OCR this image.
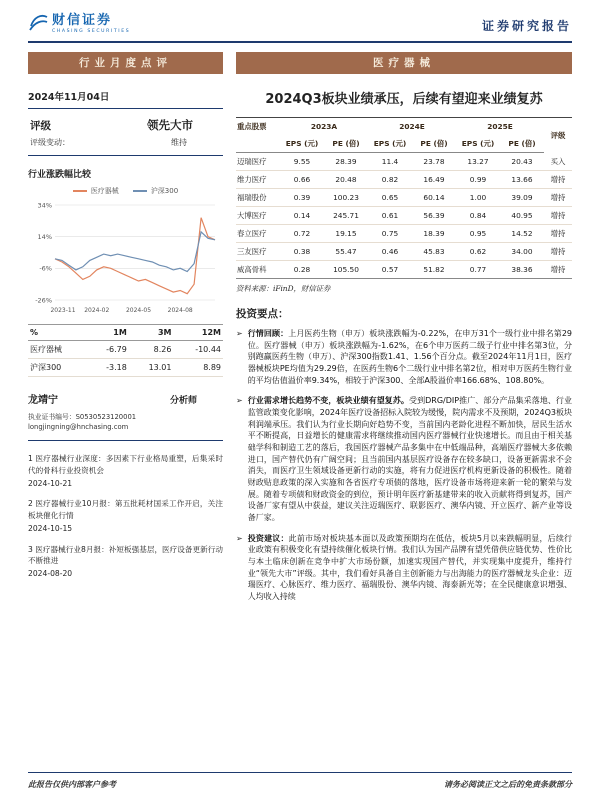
财信证券
CHASING SECURITIES	证券研究报告
行业月度点评	医疗器械
2024年11月04日
评级	领先大市
评级变动：	维持
行业涨跌幅比较
医疗器械	沪深300
34%
14%
-6%
-26%
2023-11 2024-02	2024-05	2024-08
%	1M	3M	12M
医疗器械	-6.79	8.26	-10.44
沪深300	-3.18	13.01	8.89
龙靖宁	分析师
执业证书编号：S0530523120001
longjingning@hnchasing.com
1 医疗器械行业深度：多因素下行业格局重塑，后集采时代的骨科行业投资机会
2024-10-21
2 医疗器械行业10月报：第五批耗材国采工作开启，关注板块催化行情
2024-10-15
3 医疗器械行业8月报：补短板强基层，医疗设备更新行动不断推进
2024-08-20
2024Q3板块业绩承压，后续有望迎来业绩复苏
重点股票	2023A		2024E		2025E		评级
	EPS (元)	PE (倍)	EPS (元)	PE (倍)	EPS (元)	PE (倍)	
迈瑞医疗	9.55	28.39	11.4	23.78	13.27	20.43	买入
维力医疗	0.66	20.48	0.82	16.49	0.99	13.66	增持
福瑞股份	0.39	100.23	0.65	60.14	1.00	39.09	增持
大博医疗	0.14	245.71	0.61	56.39	0.84	40.95	增持
春立医疗	0.72	19.15	0.75	18.39	0.95	14.52	增持
三友医疗	0.38	55.47	0.46	45.83	0.62	34.00	增持
威高骨科	0.28	105.50	0.57	51.82	0.77	38.36	增持
资料来源：iFinD，财信证券
投资要点：
➢ 行情回顾：上月医药生物（申万）板块涨跌幅为-0.22%，在申万31个一级行业中排名第29位。医疗器械（申万）板块涨跌幅为-1.62%，在6个申万医药二级子行业中排名第3位，分别跑赢医药生物（申万）、沪深300指数1.41、1.56个百分点。截至2024年11月1日，医疗器械板块PE均值为29.29倍，在医药生物6个二级行业中排名第2位，相对申万医药生物行业的平均估值溢价率9.34%，相较于沪深300、全部A股溢价率166.68%、108.80%。
➢ 行业需求增长趋势不变，板块业绩有望复苏。受到DRG/DIP推广、部分产品集采落地、行业监管政策变化影响，2024年医疗设备招标入院较为缓慢，院内需求不及预期，2024Q3板块利润端承压。我们认为行业长期向好趋势不变，当前国内老龄化进程不断加快，居民生活水平不断提高，日益增长的健康需求将继续推动国内医疗器械行业快速增长。而且由于相关基础学科和制造工艺的落后，我国医疗器械产品多集中在中低端品种，高端医疗器械大多依赖进口，国产替代仍有广阔空间；且当前国内基层医疗设备存在较多缺口，设备更新需求不会消失，而医疗卫生领域设备更新行动的实施，将有力促进医疗机构更新设备的积极性。随着财政贴息政策的深入实施和各省医疗专项债的落地，医疗设备市场将迎来新一轮的繁荣与发展。随着专项债和财政资金的到位，预计明年医疗新基建带来的收入贡献将得到复苏，国产设备厂家有望从中获益，建议关注迈瑞医疗、联影医疗、澳华内镜、开立医疗、新产业等设备厂家。
➢ 投资建议：此前市场对板块基本面以及政策预期均在低估，板块5月以来跌幅明显，后续行业政策有积极变化有望持续催化板块行情。我们认为国产品牌有望凭借供应链优势、性价比与本土临床创新在竞争中扩大市场份额，加速实现国产替代，并实现集中度提升，维持行业“领先大市”评级。其中，我们看好具备自主创新能力与出海能力的医疗器械龙头企业：迈瑞医疗、心脉医疗、维力医疗、福瑞股份、澳华内镜、海泰新光等；在全民健康意识增强、人均收入持续
此报告仅供内部客户参考	请务必阅读正文之后的免责条款部分
